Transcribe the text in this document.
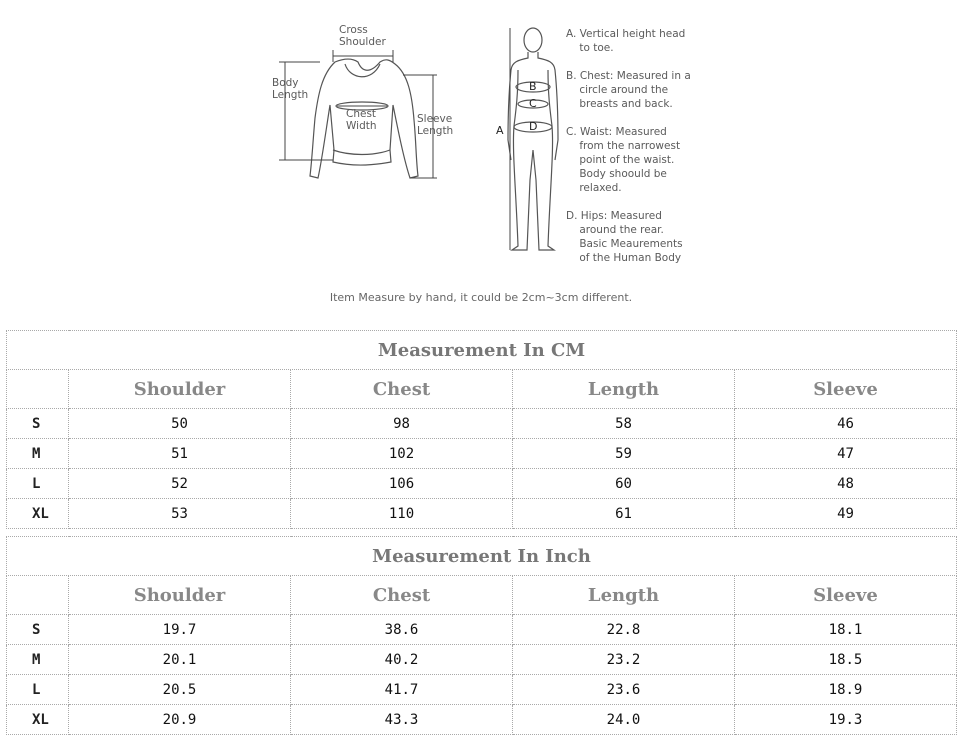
Cross
Shoulder
Body
Length
Chest
Width
Sleeve
Length	A
B
C
D
A. Vertical height head
to toe.
B. Chest: Measured in a
circle around the
breasts and back.
C. Waist: Measured
from the narrowest
point of the waist.
Body shoould be
relaxed.
D. Hips: Measured
around the rear.
Basic Meaurements
of the Human Body
Item Measure by hand, it could be 2cm~3cm different.
Measurement In CM				
	Shoulder	Chest	Length	Sleeve
S	50	98	58	46
M	51	102	59	47
L	52	106	60	48
XL	53	110	61	49
Measurement In Inch				
	Shoulder	Chest	Length	Sleeve
S	19.7	38.6	22.8	18.1
M	20.1	40.2	23.2	18.5
L	20.5	41.7	23.6	18.9
XL	20.9	43.3	24.0	19.3
